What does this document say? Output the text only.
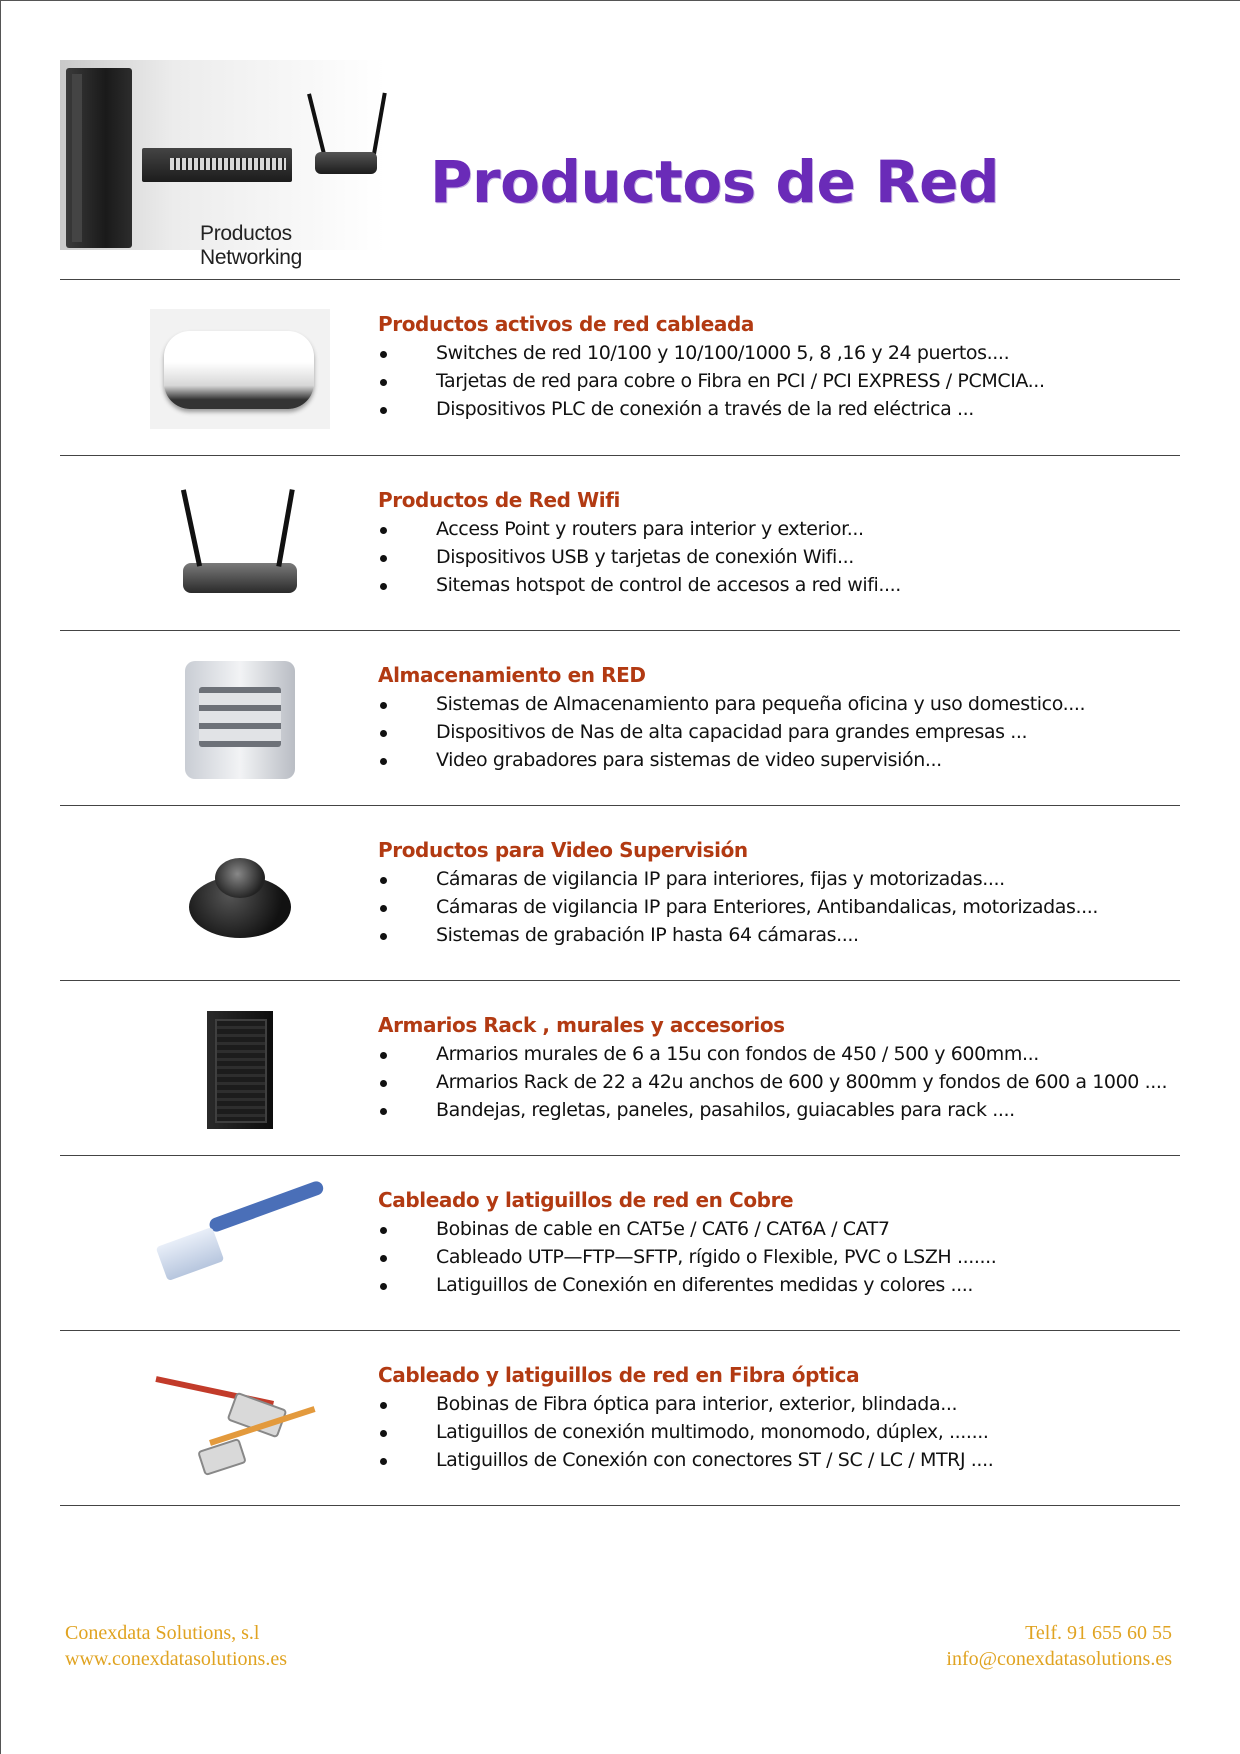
Productos Networking
Productos de Red
Productos activos de red cableada
Switches de red 10/100 y 10/100/1000 5, 8 ,16 y 24 puertos....
Tarjetas de red para cobre o Fibra en PCI / PCI EXPRESS / PCMCIA...
Dispositivos PLC de conexión a través de la red eléctrica ...
Productos de Red Wifi
Access Point y routers para interior y exterior...
Dispositivos USB y tarjetas de conexión Wifi...
Sitemas hotspot de control de accesos a red wifi....
Almacenamiento en RED
Sistemas de Almacenamiento para pequeña oficina y uso domestico....
Dispositivos de Nas de alta capacidad para grandes empresas ...
Video grabadores para sistemas de video supervisión...
Productos para Video Supervisión
Cámaras de vigilancia IP para interiores, fijas y motorizadas....
Cámaras de vigilancia IP para Enteriores, Antibandalicas, motorizadas....
Sistemas de grabación IP hasta 64 cámaras....
Armarios Rack , murales y accesorios
Armarios murales de 6 a 15u con fondos de 450 / 500 y 600mm...
Armarios Rack de 22 a 42u anchos de 600 y 800mm y fondos de 600 a 1000 ....
Bandejas, regletas, paneles, pasahilos, guiacables para rack ....
Cableado y latiguillos de red en Cobre
Bobinas de cable en CAT5e / CAT6 / CAT6A / CAT7
Cableado UTP—FTP—SFTP, rígido o Flexible, PVC o LSZH .......
Latiguillos de Conexión en diferentes medidas y colores ....
Cableado y latiguillos de red en Fibra óptica
Bobinas de Fibra óptica para interior, exterior, blindada...
Latiguillos de conexión multimodo, monomodo, dúplex, .......
Latiguillos de Conexión con conectores ST / SC / LC / MTRJ ....
Conexdata Solutions, s.l
www.conexdatasolutions.es
Telf. 91 655 60 55
info@conexdatasolutions.es
